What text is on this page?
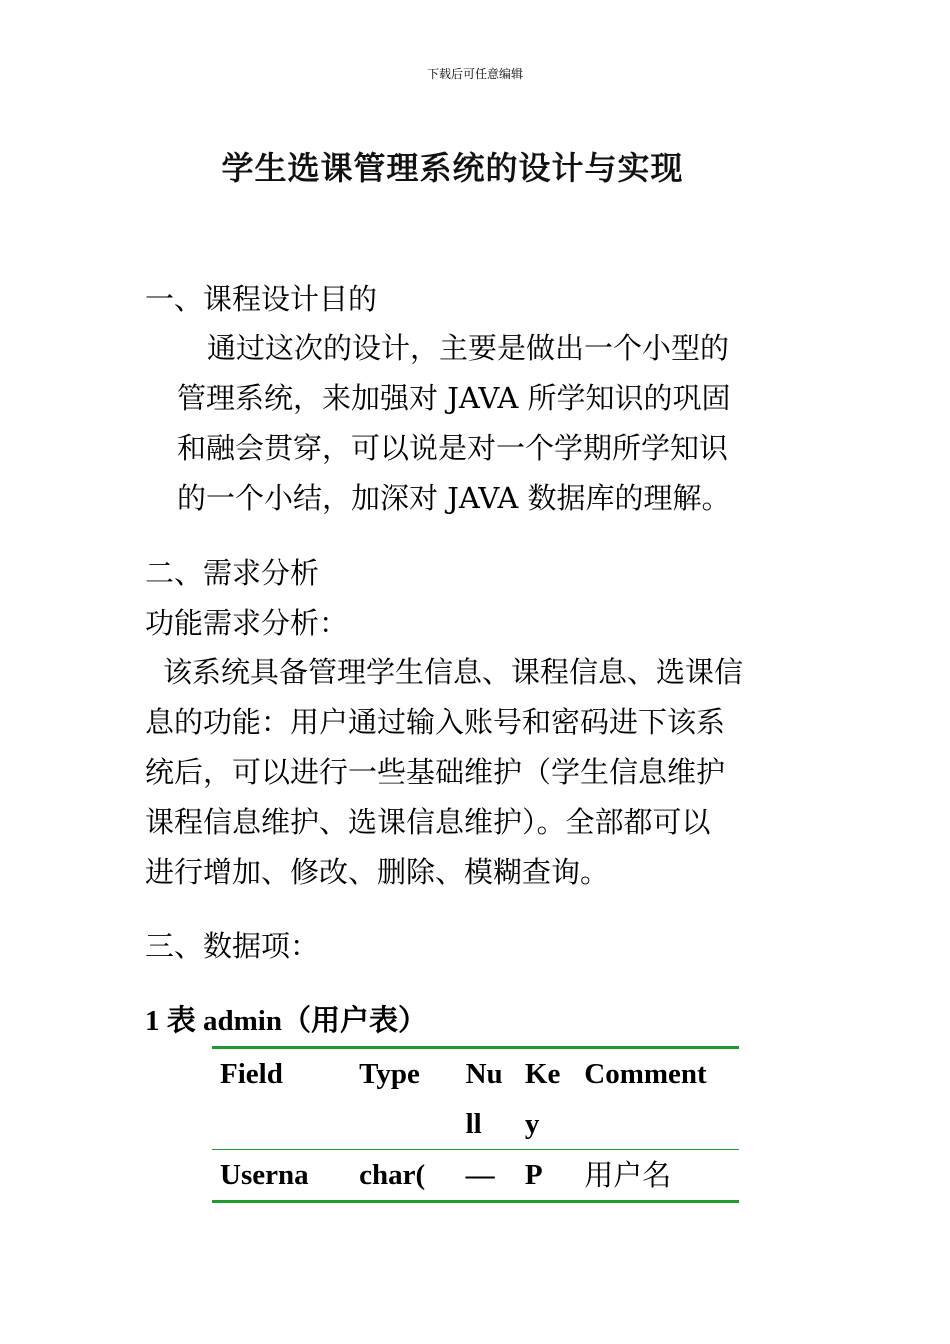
下载后可任意编辑
学生选课管理系统的设计与实现
一、课程设计目的
通过这次的设计，主要是做出一个小型的
管理系统，来加强对 JAVA 所学知识的巩固
和融会贯穿，可以说是对一个学期所学知识
的一个小结，加深对 JAVA 数据库的理解。
二、需求分析
功能需求分析：
该系统具备管理学生信息、课程信息、选课信
息的功能：用户通过输入账号和密码进下该系
统后，可以进行一些基础维护（学生信息维护
课程信息维护、选课信息维护）。全部都可以
进行增加、修改、删除、模糊查询。
三、数据项：
1 表 admin（用户表）
Field	Type	Nu ll	Ke y	Comment
Userna	char(	—	P	用户名
